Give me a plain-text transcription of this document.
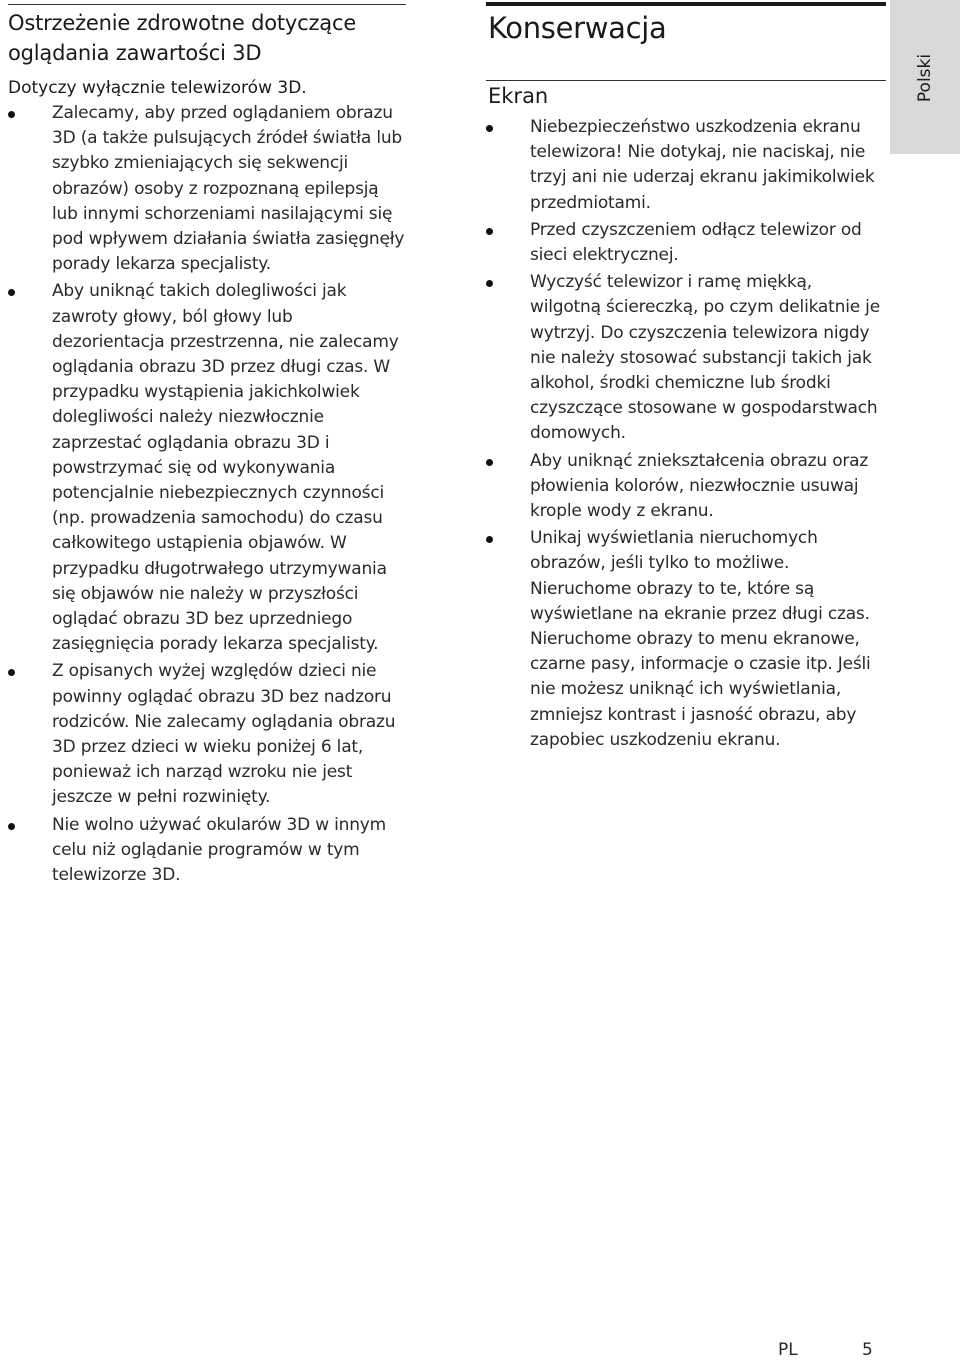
Ostrzeżenie zdrowotne dotyczące oglądania zawartości 3D

Dotyczy wyłącznie telewizorów 3D.

Zalecamy, aby przed oglądaniem obrazu 3D (a także pulsujących źródeł światła lub szybko zmieniających się sekwencji obrazów) osoby z rozpoznaną epilepsją lub innymi schorzeniami nasilającymi się pod wpływem działania światła zasięgnęły porady lekarza specjalisty.
Aby uniknąć takich dolegliwości jak zawroty głowy, ból głowy lub dezorientacja przestrzenna, nie zalecamy oglądania obrazu 3D przez długi czas. W przypadku wystąpienia jakichkolwiek dolegliwości należy niezwłocznie zaprzestać oglądania obrazu 3D i powstrzymać się od wykonywania potencjalnie niebezpiecznych czynności (np. prowadzenia samochodu) do czasu całkowitego ustąpienia objawów. W przypadku długotrwałego utrzymywania się objawów nie należy w przyszłości oglądać obrazu 3D bez uprzedniego zasięgnięcia porady lekarza specjalisty.
Z opisanych wyżej względów dzieci nie powinny oglądać obrazu 3D bez nadzoru rodziców. Nie zalecamy oglądania obrazu 3D przez dzieci w wieku poniżej 6 lat, ponieważ ich narząd wzroku nie jest jeszcze w pełni rozwinięty.
Nie wolno używać okularów 3D w innym celu niż oglądanie programów w tym telewizorze 3D.
Konserwacja
Ekran
Niebezpieczeństwo uszkodzenia ekranu telewizora! Nie dotykaj, nie naciskaj, nie trzyj ani nie uderzaj ekranu jakimikolwiek przedmiotami.
Przed czyszczeniem odłącz telewizor od sieci elektrycznej.
Wyczyść telewizor i ramę miękką, wilgotną ściereczką, po czym delikatnie je wytrzyj. Do czyszczenia telewizora nigdy nie należy stosować substancji takich jak alkohol, środki chemiczne lub środki czyszczące stosowane w gospodarstwach domowych.
Aby uniknąć zniekształcenia obrazu oraz płowienia kolorów, niezwłocznie usuwaj krople wody z ekranu.
Unikaj wyświetlania nieruchomych obrazów, jeśli tylko to możliwe. Nieruchome obrazy to te, które są wyświetlane na ekranie przez długi czas. Nieruchome obrazy to menu ekranowe, czarne pasy, informacje o czasie itp. Jeśli nie możesz uniknąć ich wyświetlania, zmniejsz kontrast i jasność obrazu, aby zapobiec uszkodzeniu ekranu.
Polski
PL	5
